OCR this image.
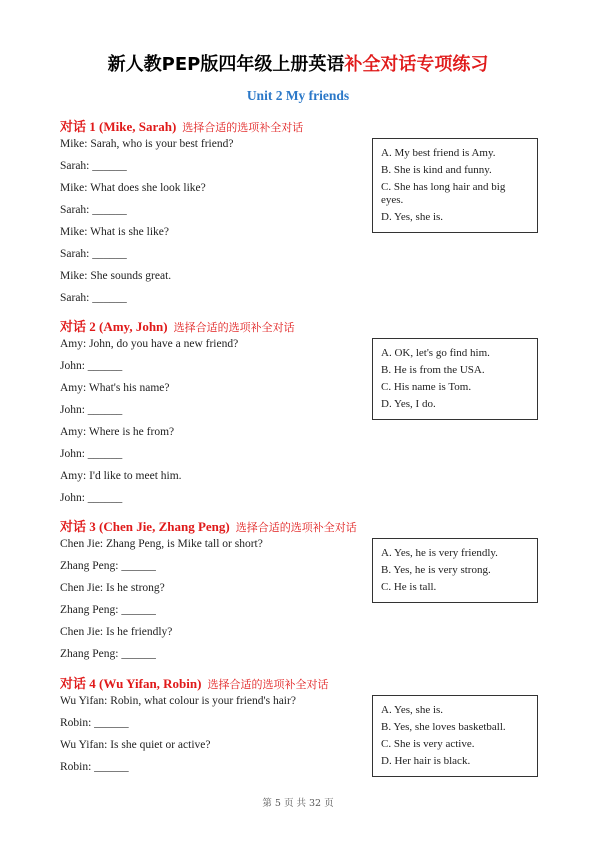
新人教PEP版四年级上册英语补全对话专项练习
Unit 2 My friends
对话 1 (Mike, Sarah) 选择合适的选项补全对话
Mike: Sarah, who is your best friend?
Sarah: ______
Mike: What does she look like?
Sarah: ______
Mike: What is she like?
Sarah: ______
Mike: She sounds great.
Sarah: ______
A. My best friend is Amy.
B. She is kind and funny.
C. She has long hair and big eyes.
D. Yes, she is.
对话 2 (Amy, John) 选择合适的选项补全对话
Amy: John, do you have a new friend?
John: ______
Amy: What's his name?
John: ______
Amy: Where is he from?
John: ______
Amy: I'd like to meet him.
John: ______
A. OK, let's go find him.
B. He is from the USA.
C. His name is Tom.
D. Yes, I do.
对话 3 (Chen Jie, Zhang Peng) 选择合适的选项补全对话
Chen Jie: Zhang Peng, is Mike tall or short?
Zhang Peng: ______
Chen Jie: Is he strong?
Zhang Peng: ______
Chen Jie: Is he friendly?
Zhang Peng: ______
A. Yes, he is very friendly.
B. Yes, he is very strong.
C. He is tall.
对话 4 (Wu Yifan, Robin) 选择合适的选项补全对话
Wu Yifan: Robin, what colour is your friend's hair?
Robin: ______
Wu Yifan: Is she quiet or active?
Robin: ______
A. Yes, she is.
B. Yes, she loves basketball.
C. She is very active.
D. Her hair is black.
第 5 页 共 32 页
